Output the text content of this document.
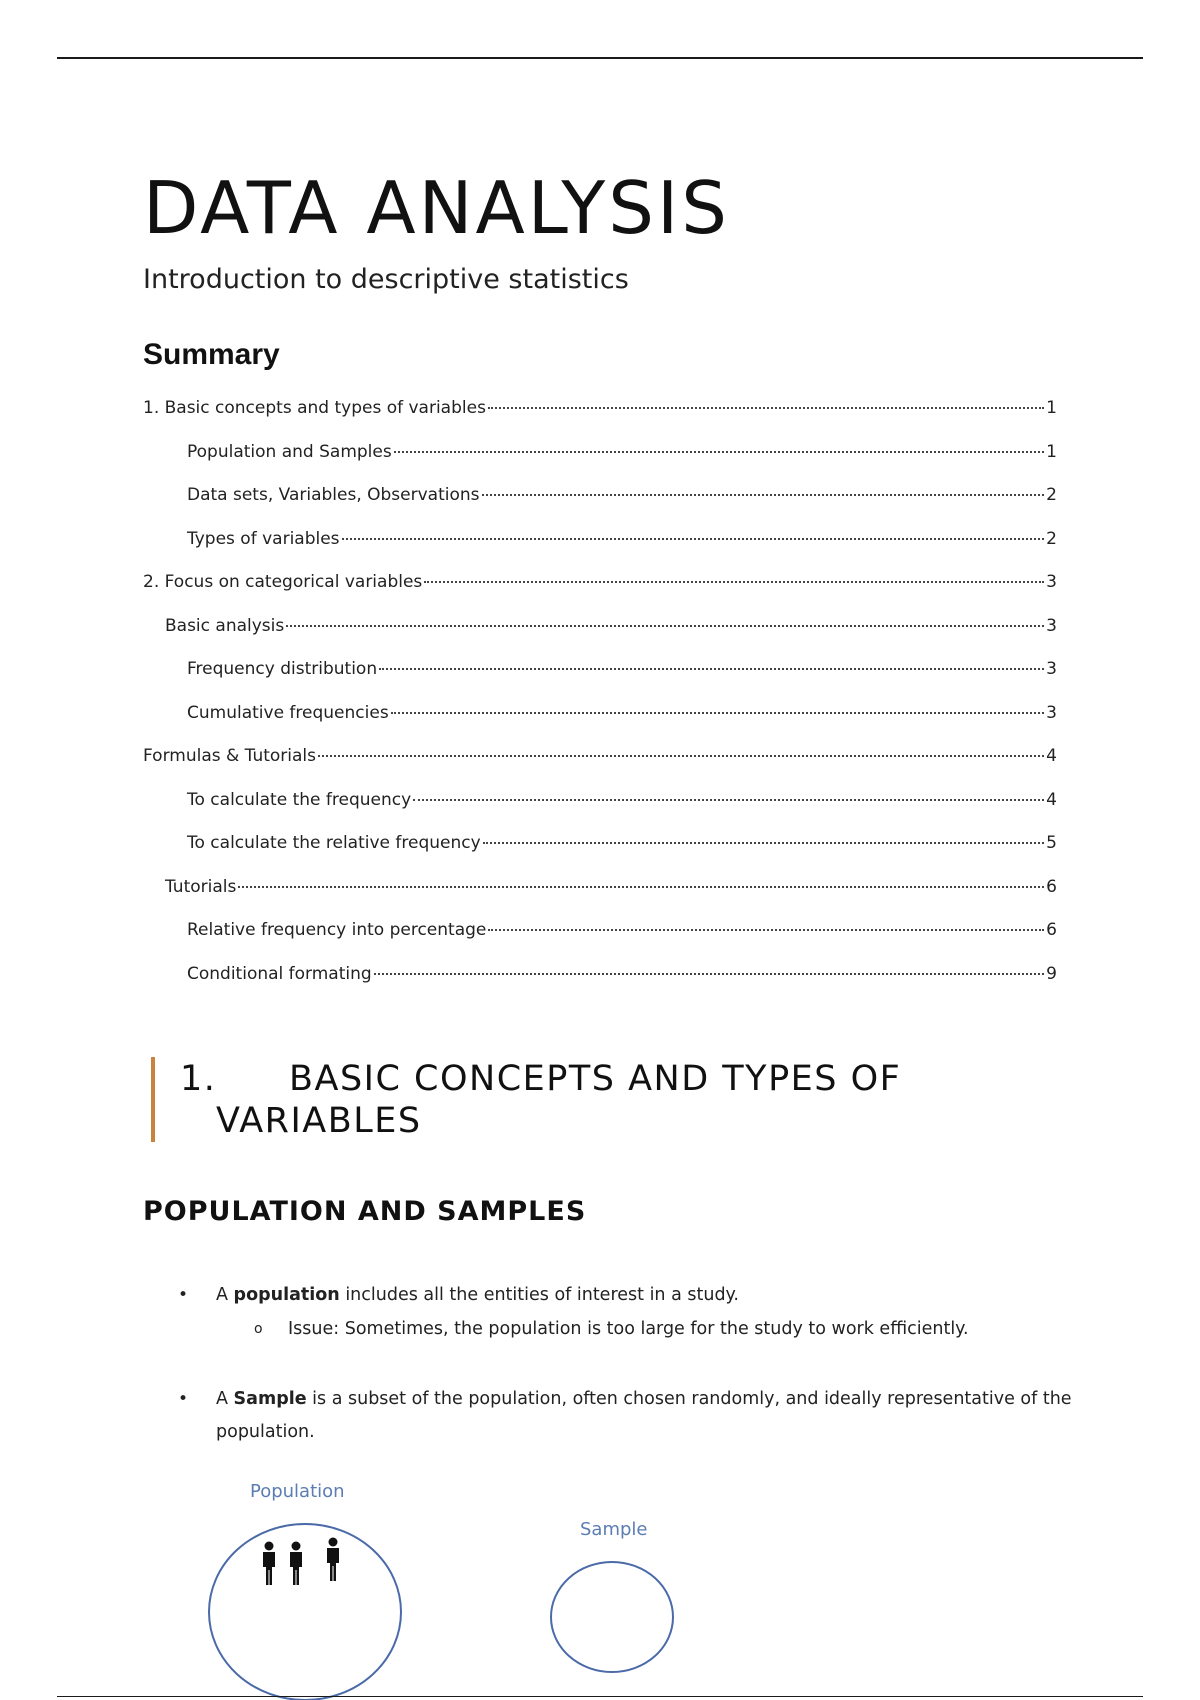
DATA ANALYSIS

Introduction to descriptive statistics

Summary
1. Basic concepts and types of variables	1
Population and Samples	1
Data sets, Variables, Observations	2
Types of variables	2
2. Focus on categorical variables	3
Basic analysis	3
Frequency distribution	3
Cumulative frequencies	3
Formulas & Tutorials	4
To calculate the frequency	4
To calculate the relative frequency	5
Tutorials	6
Relative frequency into percentage	6
Conditional formating	9
1. BASIC CONCEPTS AND TYPES OF
VARIABLES
POPULATION AND SAMPLES
• A population includes all the entities of interest in a study.
o Issue: Sometimes, the population is too large for the study to work efficiently.
• A Sample is a subset of the population, often chosen randomly, and ideally representative of the population.
Population
Sample
